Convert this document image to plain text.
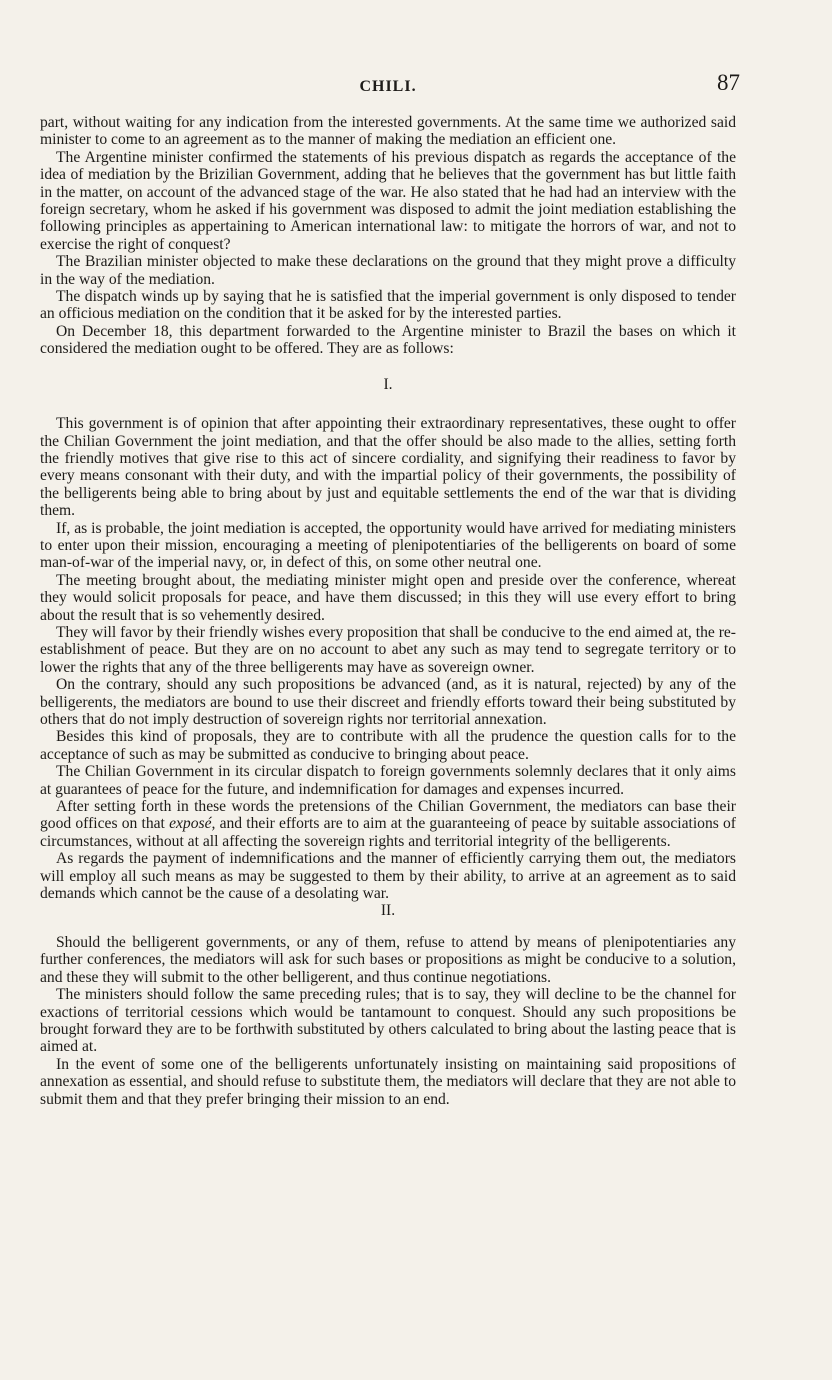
CHILI.	87

part, without waiting for any indication from the interested governments. At the same time we authorized said minister to come to an agreement as to the manner of making the mediation an efficient one.

The Argentine minister confirmed the statements of his previous dispatch as regards the acceptance of the idea of mediation by the Brizilian Government, adding that he believes that the government has but little faith in the matter, on account of the advanced stage of the war. He also stated that he had had an interview with the foreign secretary, whom he asked if his government was disposed to admit the joint mediation establishing the following principles as appertaining to American international law: to mitigate the horrors of war, and not to exercise the right of conquest?

The Brazilian minister objected to make these declarations on the ground that they might prove a difficulty in the way of the mediation.

The dispatch winds up by saying that he is satisfied that the imperial government is only disposed to tender an officious mediation on the condition that it be asked for by the interested parties.

On December 18, this department forwarded to the Argentine minister to Brazil the bases on which it considered the mediation ought to be offered. They are as follows:

I.

This government is of opinion that after appointing their extraordinary representatives, these ought to offer the Chilian Government the joint mediation, and that the offer should be also made to the allies, setting forth the friendly motives that give rise to this act of sincere cordiality, and signifying their readiness to favor by every means consonant with their duty, and with the impartial policy of their governments, the possibility of the belligerents being able to bring about by just and equitable settlements the end of the war that is dividing them.

If, as is probable, the joint mediation is accepted, the opportunity would have arrived for mediating ministers to enter upon their mission, encouraging a meeting of plenipotentiaries of the belligerents on board of some man-of-war of the imperial navy, or, in defect of this, on some other neutral one.

The meeting brought about, the mediating minister might open and preside over the conference, whereat they would solicit proposals for peace, and have them discussed; in this they will use every effort to bring about the result that is so vehemently desired.

They will favor by their friendly wishes every proposition that shall be conducive to the end aimed at, the re-establishment of peace. But they are on no account to abet any such as may tend to segregate territory or to lower the rights that any of the three belligerents may have as sovereign owner.

On the contrary, should any such propositions be advanced (and, as it is natural, rejected) by any of the belligerents, the mediators are bound to use their discreet and friendly efforts toward their being substituted by others that do not imply destruction of sovereign rights nor territorial annexation.

Besides this kind of proposals, they are to contribute with all the prudence the question calls for to the acceptance of such as may be submitted as conducive to bringing about peace.

The Chilian Government in its circular dispatch to foreign governments solemnly declares that it only aims at guarantees of peace for the future, and indemnification for damages and expenses incurred.

After setting forth in these words the pretensions of the Chilian Government, the mediators can base their good offices on that exposé, and their efforts are to aim at the guaranteeing of peace by suitable associations of circumstances, without at all affecting the sovereign rights and territorial integrity of the belligerents.

As regards the payment of indemnifications and the manner of efficiently carrying them out, the mediators will employ all such means as may be suggested to them by their ability, to arrive at an agreement as to said demands which cannot be the cause of a desolating war.

II.

Should the belligerent governments, or any of them, refuse to attend by means of plenipotentiaries any further conferences, the mediators will ask for such bases or propositions as might be conducive to a solution, and these they will submit to the other belligerent, and thus continue negotiations.

The ministers should follow the same preceding rules; that is to say, they will decline to be the channel for exactions of territorial cessions which would be tantamount to conquest. Should any such propositions be brought forward they are to be forthwith substituted by others calculated to bring about the lasting peace that is aimed at.

In the event of some one of the belligerents unfortunately insisting on maintaining said propositions of annexation as essential, and should refuse to substitute them, the mediators will declare that they are not able to submit them and that they prefer bringing their mission to an end.
